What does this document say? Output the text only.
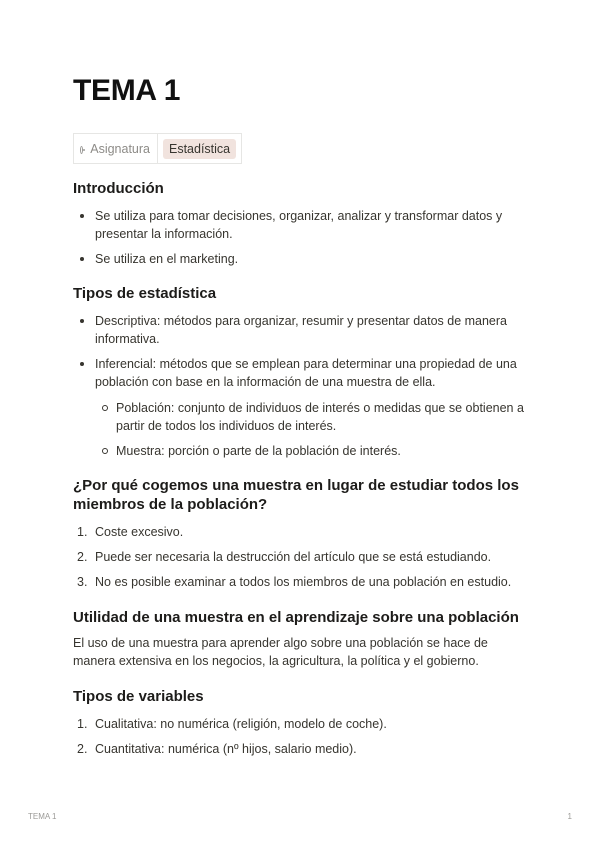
TEMA 1
Asignatura	Estadística
Introducción
Se utiliza para tomar decisiones, organizar, analizar y transformar datos y presentar la información.
Se utiliza en el marketing.
Tipos de estadística
Descriptiva: métodos para organizar, resumir y presentar datos de manera informativa.
Inferencial: métodos que se emplean para determinar una propiedad de una población con base en la información de una muestra de ella.
Población: conjunto de individuos de interés o medidas que se obtienen a partir de todos los individuos de interés.
Muestra: porción o parte de la población de interés.
¿Por qué cogemos una muestra en lugar de estudiar todos los miembros de la población?
1. Coste excesivo.
2. Puede ser necesaria la destrucción del artículo que se está estudiando.
3. No es posible examinar a todos los miembros de una población en estudio.
Utilidad de una muestra en el aprendizaje sobre una población

El uso de una muestra para aprender algo sobre una población se hace de manera extensiva en los negocios, la agricultura, la política y el gobierno.

Tipos de variables
1. Cualitativa: no numérica (religión, modelo de coche).
2. Cuantitativa: numérica (nº hijos, salario medio).
TEMA 1	1
